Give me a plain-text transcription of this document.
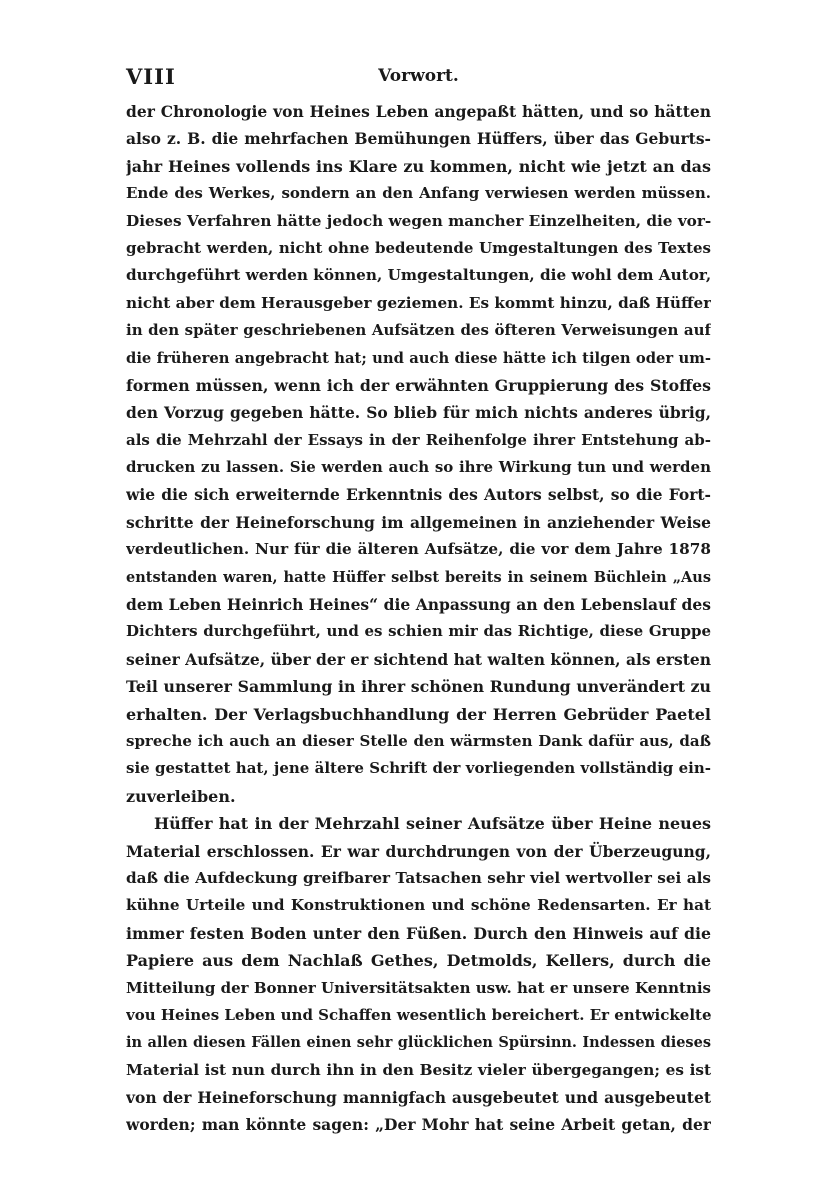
VIII	Vorwort.

der Chronologie von Heines Leben angepaßt hätten, und so hätten
also z. B. die mehrfachen Bemühungen Hüffers, über das Geburts-
jahr Heines vollends ins Klare zu kommen, nicht wie jetzt an das
Ende des Werkes, sondern an den Anfang verwiesen werden müssen.
Dieses Verfahren hätte jedoch wegen mancher Einzelheiten, die vor-
gebracht werden, nicht ohne bedeutende Umgestaltungen des Textes
durchgeführt werden können, Umgestaltungen, die wohl dem Autor,
nicht aber dem Herausgeber geziemen. Es kommt hinzu, daß Hüffer
in den später geschriebenen Aufsätzen des öfteren Verweisungen auf
die früheren angebracht hat; und auch diese hätte ich tilgen oder um-
formen müssen, wenn ich der erwähnten Gruppierung des Stoffes
den Vorzug gegeben hätte. So blieb für mich nichts anderes übrig,
als die Mehrzahl der Essays in der Reihenfolge ihrer Entstehung ab-
drucken zu lassen. Sie werden auch so ihre Wirkung tun und werden
wie die sich erweiternde Erkenntnis des Autors selbst, so die Fort-
schritte der Heineforschung im allgemeinen in anziehender Weise
verdeutlichen. Nur für die älteren Aufsätze, die vor dem Jahre 1878
entstanden waren, hatte Hüffer selbst bereits in seinem Büchlein „Aus
dem Leben Heinrich Heines“ die Anpassung an den Lebenslauf des
Dichters durchgeführt, und es schien mir das Richtige, diese Gruppe
seiner Aufsätze, über der er sichtend hat walten können, als ersten
Teil unserer Sammlung in ihrer schönen Rundung unverändert zu
erhalten. Der Verlagsbuchhandlung der Herren Gebrüder Paetel
spreche ich auch an dieser Stelle den wärmsten Dank dafür aus, daß
sie gestattet hat, jene ältere Schrift der vorliegenden vollständig ein-
zuverleiben.

Hüffer hat in der Mehrzahl seiner Aufsätze über Heine neues
Material erschlossen. Er war durchdrungen von der Überzeugung,
daß die Aufdeckung greifbarer Tatsachen sehr viel wertvoller sei als
kühne Urteile und Konstruktionen und schöne Redensarten. Er hat
immer festen Boden unter den Füßen. Durch den Hinweis auf die
Papiere aus dem Nachlaß Gethes, Detmolds, Kellers, durch die
Mitteilung der Bonner Universitätsakten usw. hat er unsere Kenntnis
vou Heines Leben und Schaffen wesentlich bereichert. Er entwickelte
in allen diesen Fällen einen sehr glücklichen Spürsinn. Indessen dieses
Material ist nun durch ihn in den Besitz vieler übergegangen; es ist
von der Heineforschung mannigfach ausgebeutet und ausgebeutet
worden; man könnte sagen: „Der Mohr hat seine Arbeit getan, der
